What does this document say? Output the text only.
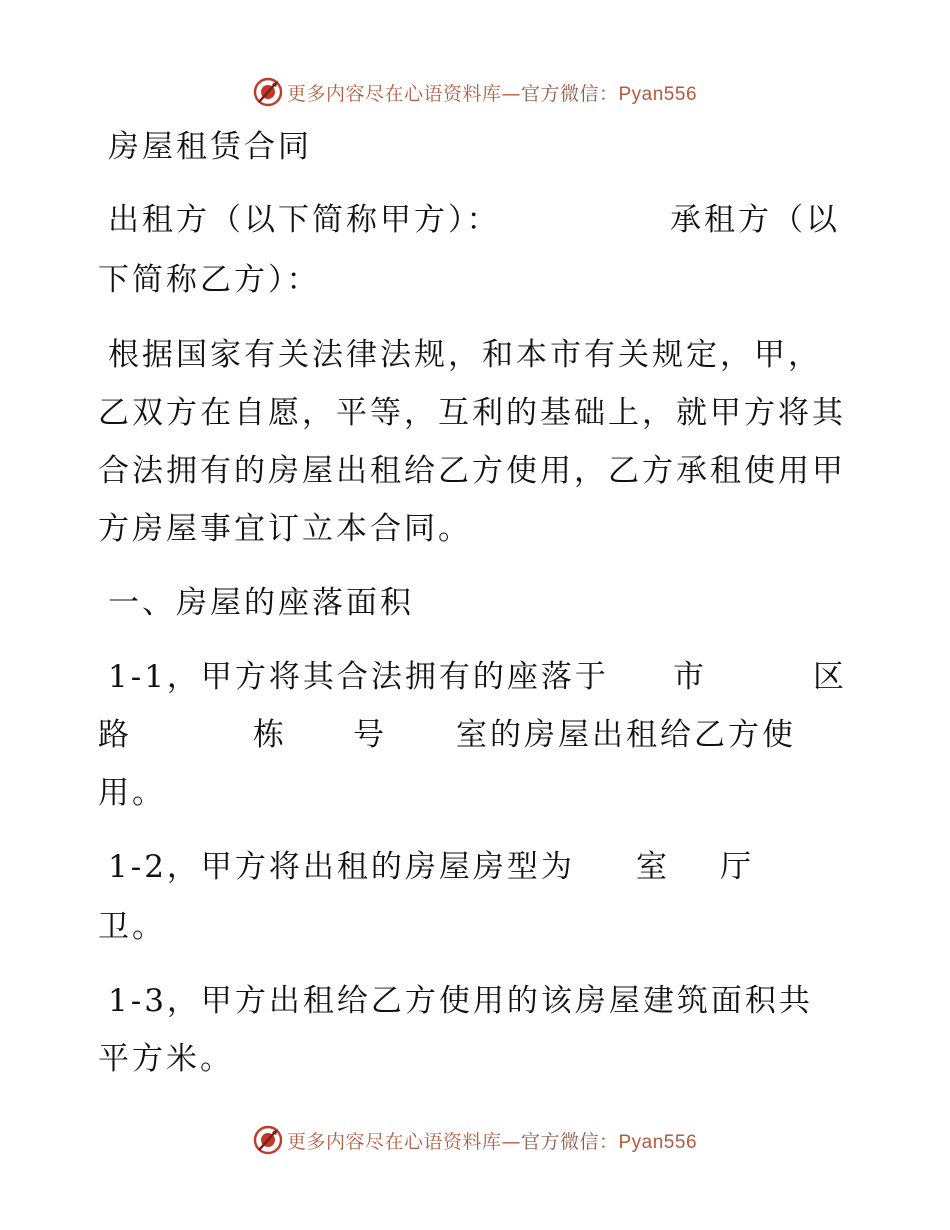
更多内容尽在心语资料库—官方微信：Pyan556
房屋租赁合同
出租方（以下简称甲方）：	承租方（以
下简称乙方）：
根据国家有关法律法规，和本市有关规定，甲，
乙双方在自愿，平等，互利的基础上，就甲方将其
合法拥有的房屋出租给乙方使用，乙方承租使用甲
方房屋事宜订立本合同。
一、房屋的座落面积
1-1，甲方将其合法拥有的座落于 市	区
路	栋 号 室的房屋出租给乙方使
用。
1-2，甲方将出租的房屋房型为 室 厅
卫。
1-3，甲方出租给乙方使用的该房屋建筑面积共
平方米。
更多内容尽在心语资料库—官方微信：Pyan556
